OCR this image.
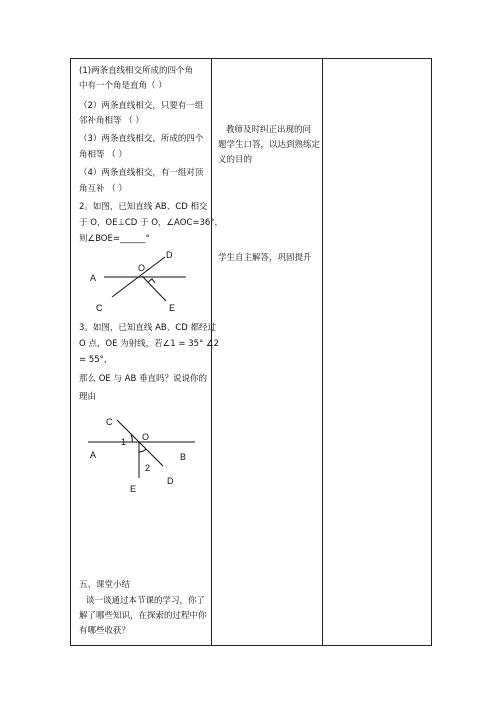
(1)两条直线相交所成的四个角
中有一个角是直角（ ）
（2）两条直线相交，只要有一组
邻补角相等 （ ）
（3）两条直线相交，所成的四个
角相等 （ ）
（4）两条直线相交，有一组对顶
角互补 （ ）
2。如图，已知直线 AB、CD 相交
于 O，OE⊥CD 于 O，∠AOC=36°，
则∠BOE=______°
A
O
D
C	E
3。如图，已知直线 AB、CD 都经过
O 点，OE 为射线，若∠1 = 35° ∠2
= 55°，
那么 OE 与 AB 垂直吗？说说你的
理由
C
1 O
A
2
B
E
D
五、课堂小结
谈一谈通过本节课的学习，你了
解了哪些知识，在探索的过程中你
有哪些收获？
教师及时纠正出现的问
题学生口答，以达到熟练定
义的目的
学生自主解答，巩固提升
